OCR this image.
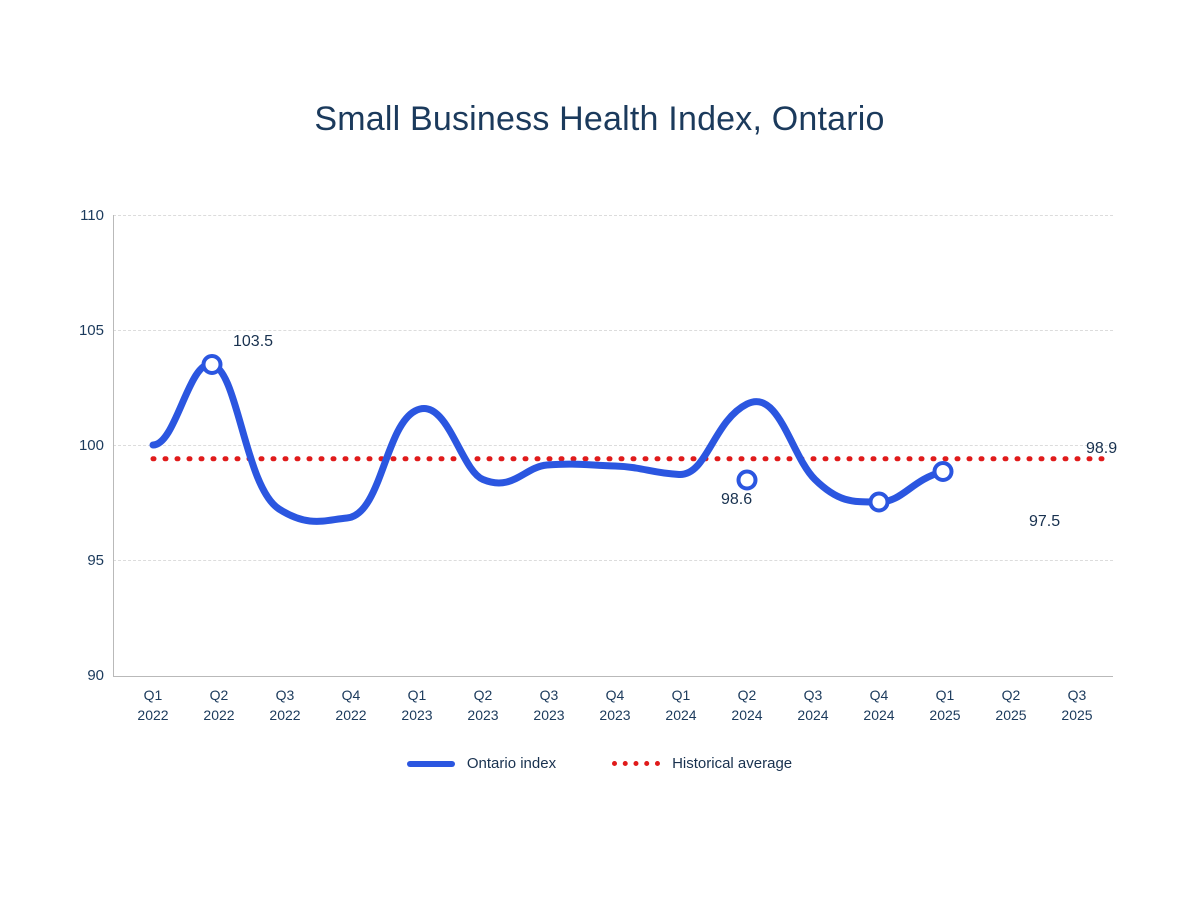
Small Business Health Index, Ontario
103.5
98.6
97.5
98.9
110
105
100
95
90
Q1
2022
Q2
2022
Q3
2022
Q4
2022
Q1
2023
Q2
2023
Q3
2023
Q4
2023
Q1
2024
Q2
2024
Q3
2024
Q4
2024
Q1
2025
Q2
2025
Q3
2025
Ontario index	Historical average
